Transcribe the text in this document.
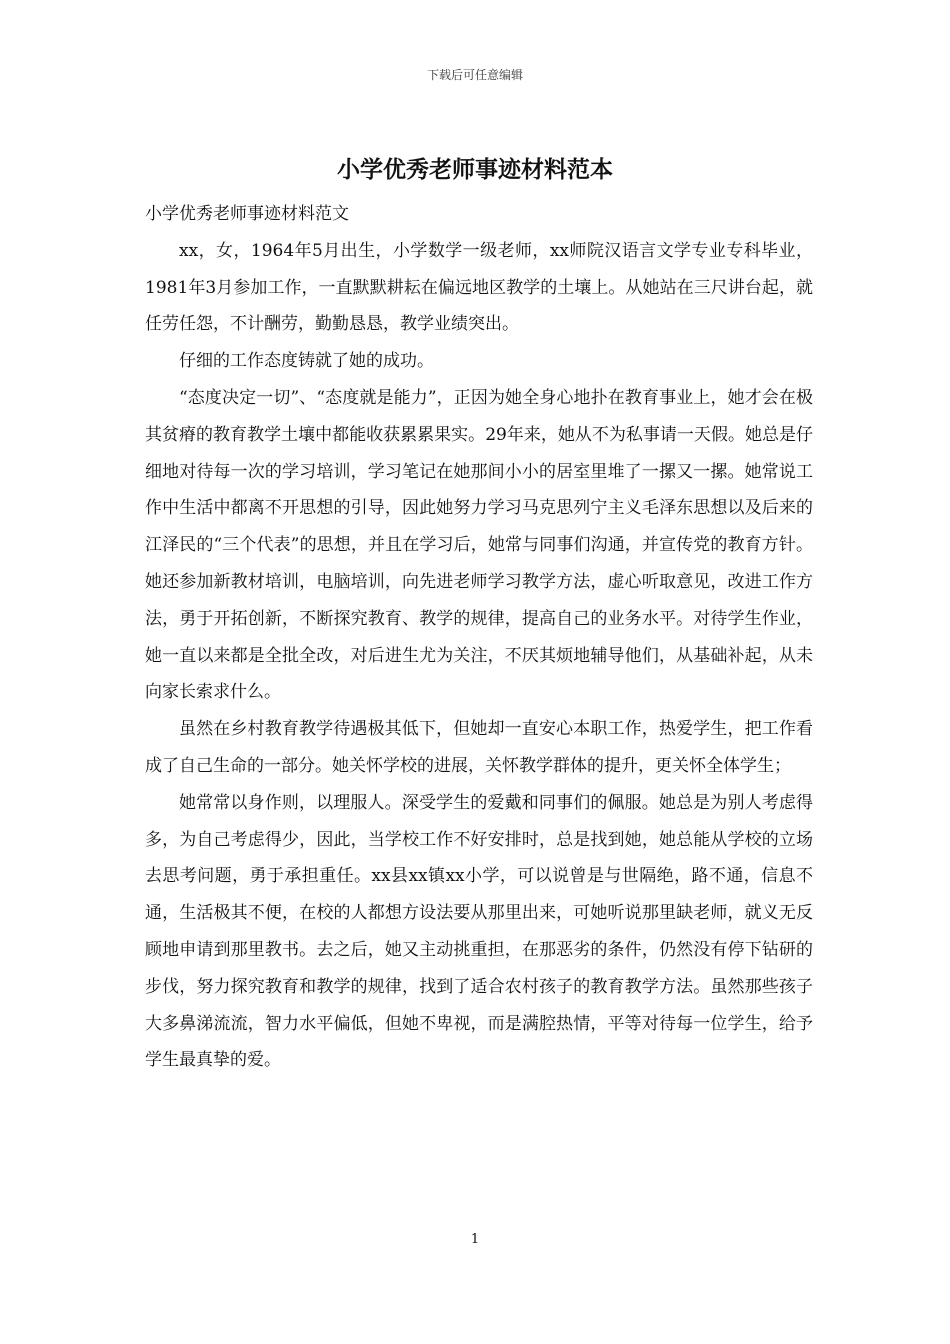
下载后可任意编辑
小学优秀老师事迹材料范本

小学优秀老师事迹材料范文

xx，女，1964年5月出生，小学数学一级老师，xx师院汉语言文学专业专科毕业，1981年3月参加工作，一直默默耕耘在偏远地区教学的土壤上。从她站在三尺讲台起，就任劳任怨，不计酬劳，勤勤恳恳，教学业绩突出。

仔细的工作态度铸就了她的成功。

“态度决定一切”、“态度就是能力”，正因为她全身心地扑在教育事业上，她才会在极其贫瘠的教育教学土壤中都能收获累累果实。29年来，她从不为私事请一天假。她总是仔细地对待每一次的学习培训，学习笔记在她那间小小的居室里堆了一摞又一摞。她常说工作中生活中都离不开思想的引导，因此她努力学习马克思列宁主义毛泽东思想以及后来的江泽民的“三个代表”的思想，并且在学习后，她常与同事们沟通，并宣传党的教育方针。她还参加新教材培训，电脑培训，向先进老师学习教学方法，虚心听取意见，改进工作方法，勇于开拓创新，不断探究教育、教学的规律，提高自己的业务水平。对待学生作业，她一直以来都是全批全改，对后进生尤为关注，不厌其烦地辅导他们，从基础补起，从未向家长索求什么。

虽然在乡村教育教学待遇极其低下，但她却一直安心本职工作，热爱学生，把工作看成了自己生命的一部分。她关怀学校的进展，关怀教学群体的提升，更关怀全体学生；

她常常以身作则，以理服人。深受学生的爱戴和同事们的佩服。她总是为别人考虑得多，为自己考虑得少，因此，当学校工作不好安排时，总是找到她，她总能从学校的立场去思考问题，勇于承担重任。xx县xx镇xx小学，可以说曾是与世隔绝，路不通，信息不通，生活极其不便，在校的人都想方设法要从那里出来，可她听说那里缺老师，就义无反顾地申请到那里教书。去之后，她又主动挑重担，在那恶劣的条件，仍然没有停下钻研的步伐，努力探究教育和教学的规律，找到了适合农村孩子的教育教学方法。虽然那些孩子大多鼻涕流流，智力水平偏低，但她不卑视，而是满腔热情，平等对待每一位学生，给予学生最真挚的爱。

1
